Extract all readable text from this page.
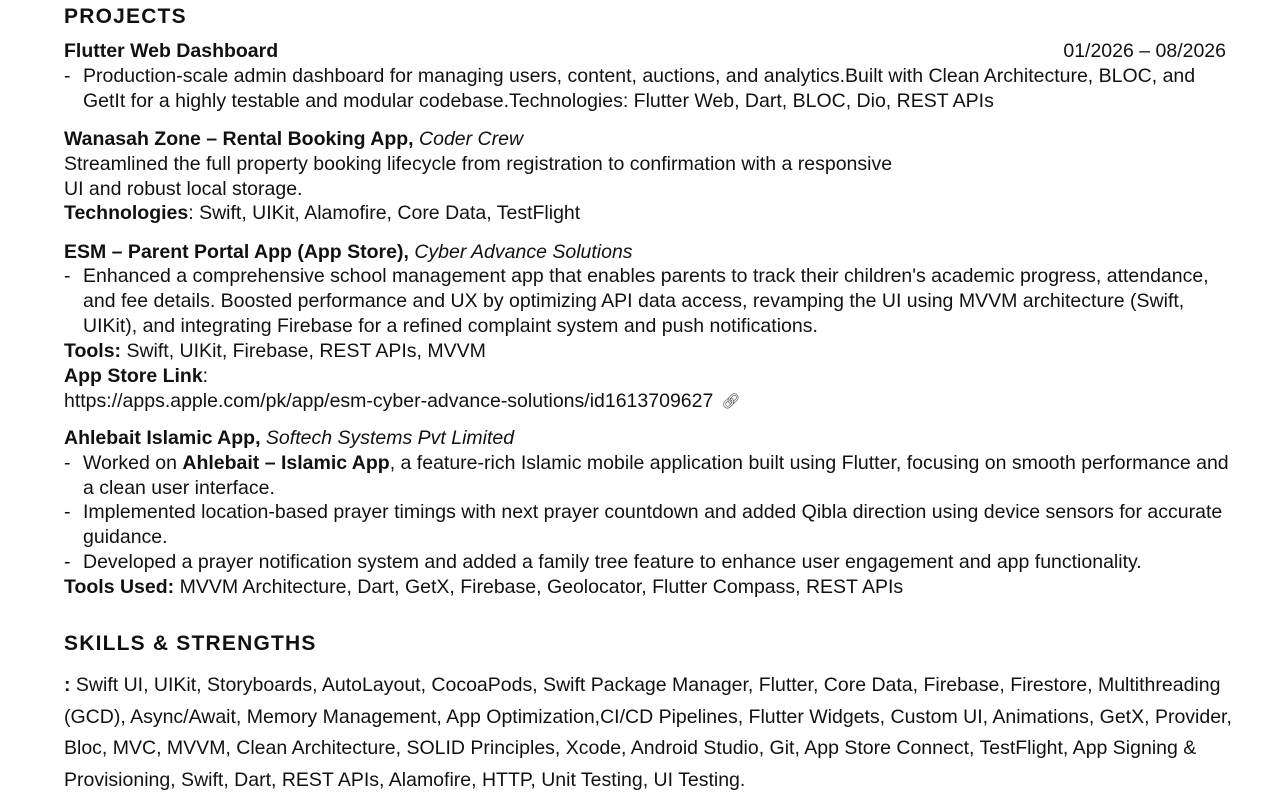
PROJECTS
Flutter Web Dashboard	01/2026 – 08/2026
- Production-scale admin dashboard for managing users, content, auctions, and analytics.Built with Clean Architecture, BLOC, and GetIt for a highly testable and modular codebase.Technologies: Flutter Web, Dart, BLOC, Dio, REST APIs
Wanasah Zone – Rental Booking App, Coder Crew
Streamlined the full property booking lifecycle from registration to confirmation with a responsive
UI and robust local storage.
Technologies: Swift, UIKit, Alamofire, Core Data, TestFlight
ESM – Parent Portal App (App Store), Cyber Advance Solutions
- Enhanced a comprehensive school management app that enables parents to track their children's academic progress, attendance, and fee details. Boosted performance and UX by optimizing API data access, revamping the UI using MVVM architecture (Swift, UIKit), and integrating Firebase for a refined complaint system and push notifications.
Tools: Swift, UIKit, Firebase, REST APIs, MVVM
App Store Link:
https://apps.apple.com/pk/app/esm-cyber-advance-solutions/id1613709627 🔗︎
Ahlebait Islamic App, Softech Systems Pvt Limited
- Worked on Ahlebait – Islamic App, a feature-rich Islamic mobile application built using Flutter, focusing on smooth performance and a clean user interface.
- Implemented location-based prayer timings with next prayer countdown and added Qibla direction using device sensors for accurate guidance.
- Developed a prayer notification system and added a family tree feature to enhance user engagement and app functionality.
Tools Used: MVVM Architecture, Dart, GetX, Firebase, Geolocator, Flutter Compass, REST APIs
SKILLS & STRENGTHS
: Swift UI, UIKit, Storyboards, AutoLayout, CocoaPods, Swift Package Manager, Flutter, Core Data, Firebase, Firestore, Multithreading (GCD), Async/Await, Memory Management, App Optimization,CI/CD Pipelines, Flutter Widgets, Custom UI, Animations, GetX, Provider, Bloc, MVC, MVVM, Clean Architecture, SOLID Principles, Xcode, Android Studio, Git, App Store Connect, TestFlight, App Signing & Provisioning, Swift, Dart, REST APIs, Alamofire, HTTP, Unit Testing, UI Testing.
